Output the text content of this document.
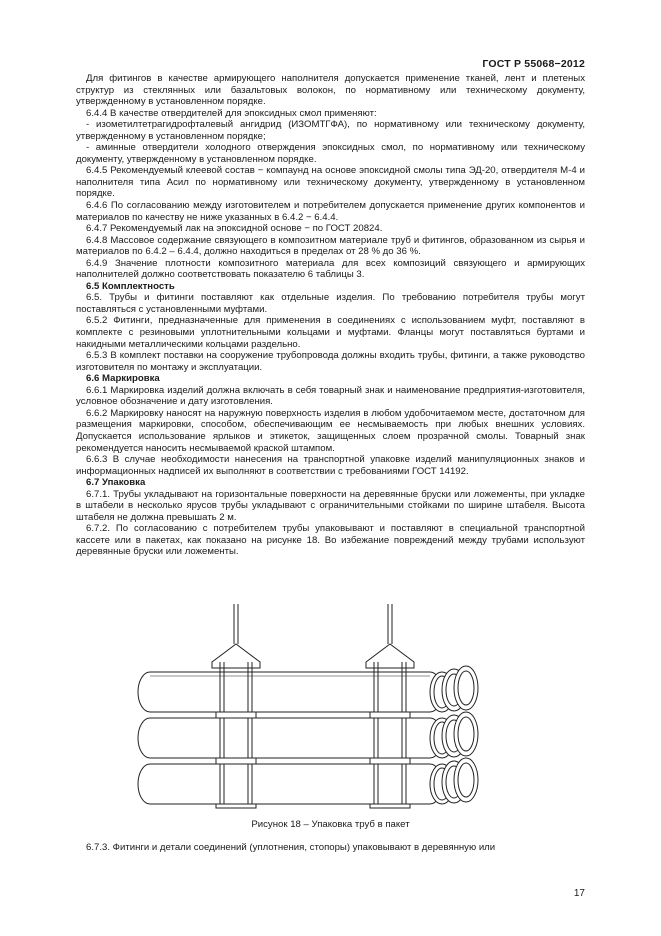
ГОСТ Р 55068−2012

Для фитингов в качестве армирующего наполнителя допускается применение тканей, лент и плетеных структур из стеклянных или базальтовых волокон, по нормативному или техническому документу, утвержденному в установленном порядке.

6.4.4 В качестве отвердителей для эпоксидных смол применяют:

- изометилтетрагидрофталевый ангидрид (ИЗОМТГФА), по нормативному или техническому документу, утвержденному в установленном порядке;

- аминные отвердители холодного отверждения эпоксидных смол, по нормативному или техническому документу, утвержденному в установленном порядке.

6.4.5 Рекомендуемый клеевой состав − компаунд на основе эпоксидной смолы типа ЭД-20, отвердителя М-4 и наполнителя типа Асил по нормативному или техническому документу, утвержденному в установленном порядке.

6.4.6 По согласованию между изготовителем и потребителем допускается применение других компонентов и материалов по качеству не ниже указанных в 6.4.2 − 6.4.4.

6.4.7 Рекомендуемый лак на эпоксидной основе − по ГОСТ 20824.

6.4.8 Массовое содержание связующего в композитном материале труб и фитингов, образованном из сырья и материалов по 6.4.2 – 6.4.4, должно находиться в пределах от 28 % до 36 %.

6.4.9 Значение плотности композитного материала для всех композиций связующего и армирующих наполнителей должно соответствовать показателю 6 таблицы 3.

6.5 Комплектность

6.5. Трубы и фитинги поставляют как отдельные изделия. По требованию потребителя трубы могут поставляться с установленными муфтами.

6.5.2 Фитинги, предназначенные для применения в соединениях с использованием муфт, поставляют в комплекте с резиновыми уплотнительными кольцами и муфтами. Фланцы могут поставляться буртами и накидными металлическими кольцами раздельно.

6.5.3 В комплект поставки на сооружение трубопровода должны входить трубы, фитинги, а также руководство изготовителя по монтажу и эксплуатации.

6.6 Маркировка

6.6.1 Маркировка изделий должна включать в себя товарный знак и наименование предприятия-изготовителя, условное обозначение и дату изготовления.

6.6.2 Маркировку наносят на наружную поверхность изделия в любом удобочитаемом месте, достаточном для размещения маркировки, способом, обеспечивающим ее несмываемость при любых внешних условиях. Допускается использование ярлыков и этикеток, защищенных слоем прозрачной смолы. Товарный знак рекомендуется наносить несмываемой краской штампом.

6.6.3 В случае необходимости нанесения на транспортной упаковке изделий манипуляционных знаков и информационных надписей их выполняют в соответствии с требованиями ГОСТ 14192.

6.7 Упаковка

6.7.1. Трубы укладывают на горизонтальные поверхности на деревянные бруски или ложементы, при укладке в штабели в несколько ярусов трубы укладывают с ограничительными стойками по ширине штабеля. Высота штабеля не должна превышать 2 м.

6.7.2. По согласованию с потребителем трубы упаковывают и поставляют в специальной транспортной кассете или в пакетах, как показано на рисунке 18. Во избежание повреждений между трубами используют деревянные бруски или ложементы.

Рисунок 18 – Упаковка труб в пакет

6.7.3. Фитинги и детали соединений (уплотнения, стопоры) упаковывают в деревянную или

17
